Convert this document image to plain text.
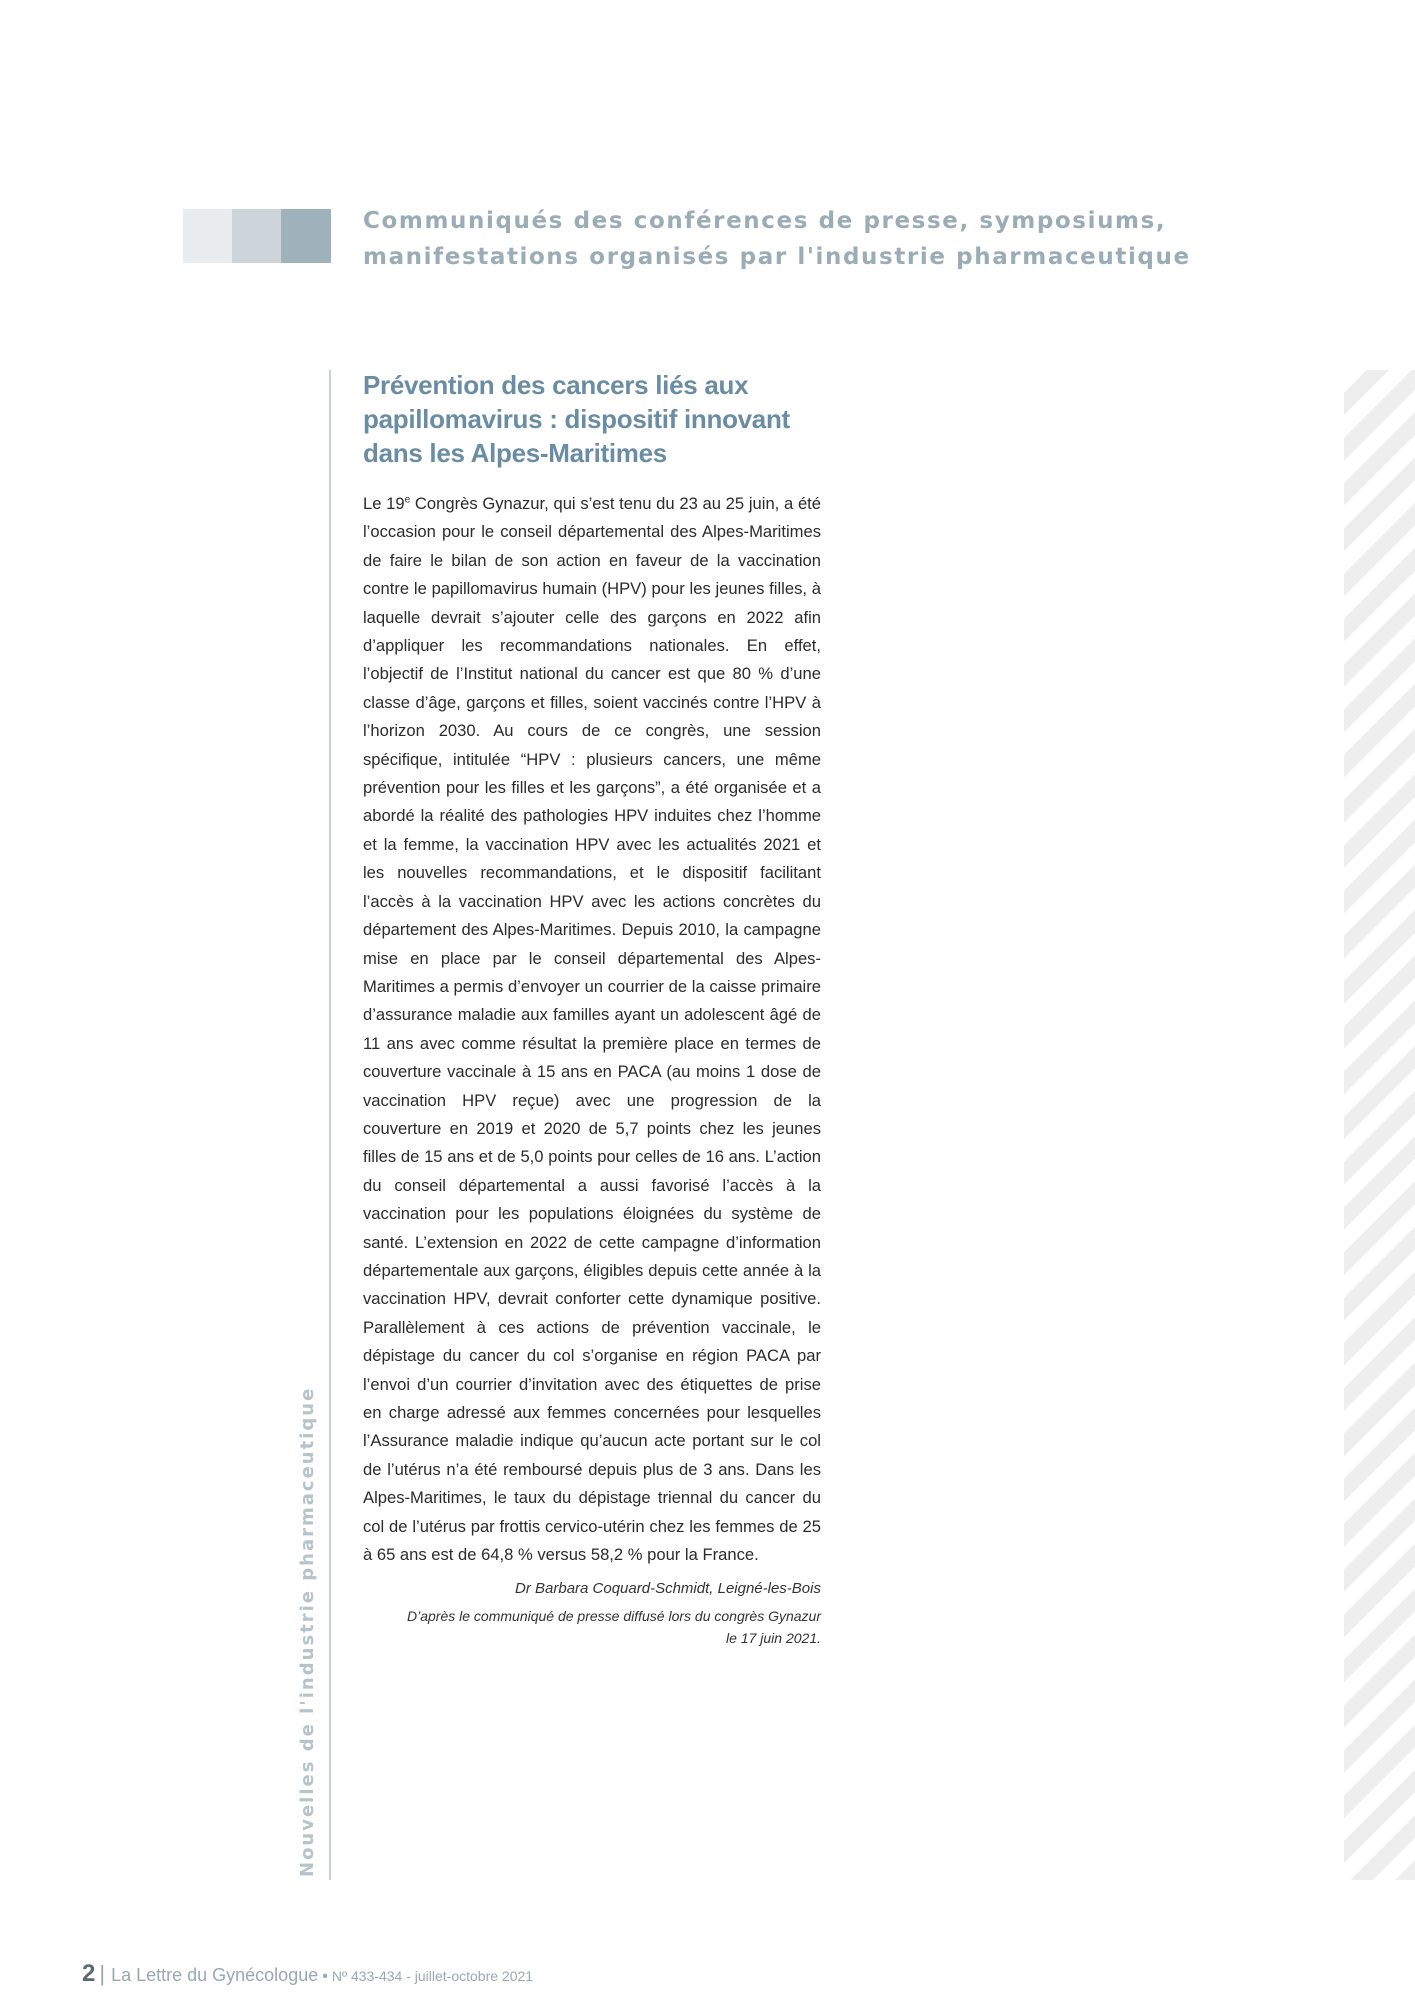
Communiqués des conférences de presse, symposiums,
manifestations organisés par l'industrie pharmaceutique
Nouvelles de l'industrie pharmaceutique
Prévention des cancers liés aux
papillomavirus : dispositif innovant
dans les Alpes-Maritimes
Le 19e Congrès Gynazur, qui s’est tenu du 23 au 25 juin, a été l’occasion pour le conseil départemental des Alpes-Maritimes de faire le bilan de son action en faveur de la vaccination contre le papillomavirus humain (HPV) pour les jeunes filles, à laquelle devrait s’ajouter celle des garçons en 2022 afin d’appliquer les recommandations nationales. En effet, l’objectif de l’Institut national du cancer est que 80 % d’une classe d’âge, garçons et filles, soient vaccinés contre l’HPV à l’horizon 2030. Au cours de ce congrès, une session spécifique, intitulée “HPV : plusieurs cancers, une même prévention pour les filles et les garçons”, a été organisée et a abordé la réalité des pathologies HPV induites chez l’homme et la femme, la vaccination HPV avec les actualités 2021 et les nouvelles recommandations, et le dispositif facilitant l’accès à la vaccination HPV avec les actions concrètes du département des Alpes-Maritimes. Depuis 2010, la campagne mise en place par le conseil départemental des Alpes-Maritimes a permis d’envoyer un courrier de la caisse primaire d’assurance maladie aux familles ayant un adolescent âgé de 11 ans avec comme résultat la première place en termes de couverture vaccinale à 15 ans en PACA (au moins 1 dose de vaccination HPV reçue) avec une progression de la couverture en 2019 et 2020 de 5,7 points chez les jeunes filles de 15 ans et de 5,0 points pour celles de 16 ans. L’action du conseil départemental a aussi favorisé l’accès à la vaccination pour les populations éloignées du système de santé. L’extension en 2022 de cette campagne d’information départementale aux garçons, éligibles depuis cette année à la vaccination HPV, devrait conforter cette dynamique positive. Parallèlement à ces actions de prévention vaccinale, le dépistage du cancer du col s’organise en région PACA par l’envoi d’un courrier d’invitation avec des étiquettes de prise en charge adressé aux femmes concernées pour lesquelles l’Assurance maladie indique qu’aucun acte portant sur le col de l’utérus n’a été remboursé depuis plus de 3 ans. Dans les Alpes-Maritimes, le taux du dépistage triennal du cancer du col de l’utérus par frottis cervico-utérin chez les femmes de 25 à 65 ans est de 64,8 % versus 58,2 % pour la France.
Dr Barbara Coquard-Schmidt, Leigné-les-Bois
D’après le communiqué de presse diffusé lors du congrès Gynazur
le 17 juin 2021.
2 | La Lettre du Gynécologue • Nº 433-434 - juillet-octobre 2021
